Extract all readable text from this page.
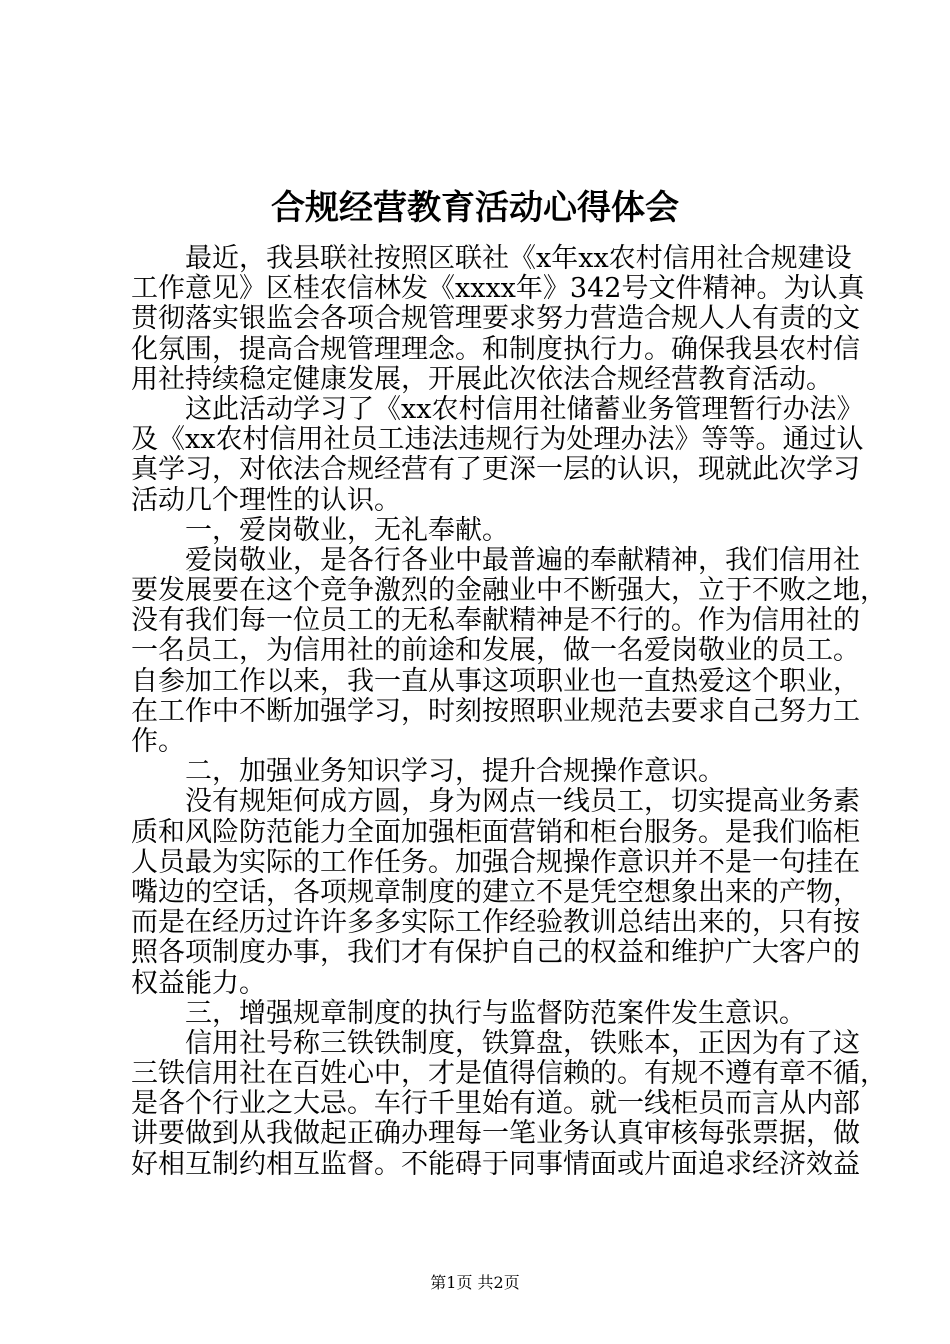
合规经营教育活动心得体会
最近，我县联社按照区联社《x年xx农村信用社合规建设
工作意见》区桂农信林发《xxxx年》342号文件精神。为认真
贯彻落实银监会各项合规管理要求努力营造合规人人有责的文
化氛围，提高合规管理理念。和制度执行力。确保我县农村信
用社持续稳定健康发展，开展此次依法合规经营教育活动。
这此活动学习了《xx农村信用社储蓄业务管理暂行办法》
及《xx农村信用社员工违法违规行为处理办法》等等。通过认
真学习，对依法合规经营有了更深一层的认识，现就此次学习
活动几个理性的认识。
一，爱岗敬业，无礼奉献。
爱岗敬业，是各行各业中最普遍的奉献精神，我们信用社
要发展要在这个竞争激烈的金融业中不断强大，立于不败之地，
没有我们每一位员工的无私奉献精神是不行的。作为信用社的
一名员工，为信用社的前途和发展，做一名爱岗敬业的员工。
自参加工作以来，我一直从事这项职业也一直热爱这个职业，
在工作中不断加强学习，时刻按照职业规范去要求自己努力工
作。
二，加强业务知识学习，提升合规操作意识。
没有规矩何成方圆，身为网点一线员工，切实提高业务素
质和风险防范能力全面加强柜面营销和柜台服务。是我们临柜
人员最为实际的工作任务。加强合规操作意识并不是一句挂在
嘴边的空话，各项规章制度的建立不是凭空想象出来的产物，
而是在经历过许许多多实际工作经验教训总结出来的，只有按
照各项制度办事，我们才有保护自己的权益和维护广大客户的
权益能力。
三，增强规章制度的执行与监督防范案件发生意识。
信用社号称三铁铁制度，铁算盘，铁账本，正因为有了这
三铁信用社在百姓心中，才是值得信赖的。有规不遵有章不循，
是各个行业之大忌。车行千里始有道。就一线柜员而言从内部
讲要做到从我做起正确办理每一笔业务认真审核每张票据，做
好相互制约相互监督。不能碍于同事情面或片面追求经济效益
第1页 共2页
